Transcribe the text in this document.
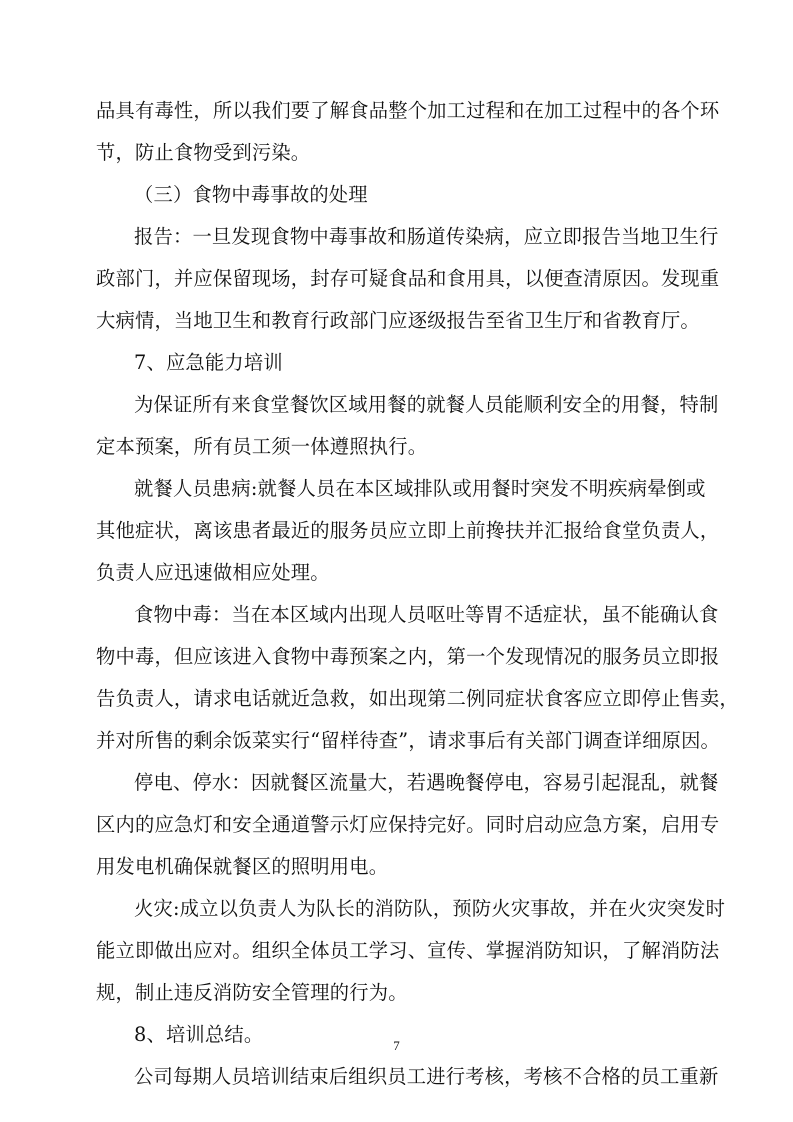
品具有毒性，所以我们要了解食品整个加工过程和在加工过程中的各个环
节，防止食物受到污染。
（三）食物中毒事故的处理
报告：一旦发现食物中毒事故和肠道传染病，应立即报告当地卫生行
政部门，并应保留现场，封存可疑食品和食用具，以便查清原因。发现重
大病情，当地卫生和教育行政部门应逐级报告至省卫生厅和省教育厅。
7、应急能力培训
为保证所有来食堂餐饮区域用餐的就餐人员能顺利安全的用餐，特制
定本预案，所有员工须一体遵照执行。
就餐人员患病:就餐人员在本区域排队或用餐时突发不明疾病晕倒或
其他症状，离该患者最近的服务员应立即上前搀扶并汇报给食堂负责人，
负责人应迅速做相应处理。
食物中毒：当在本区域内出现人员呕吐等胃不适症状，虽不能确认食
物中毒，但应该进入食物中毒预案之内，第一个发现情况的服务员立即报
告负责人，请求电话就近急救，如出现第二例同症状食客应立即停止售卖，
并对所售的剩余饭菜实行“留样待查”，请求事后有关部门调查详细原因。
停电、停水：因就餐区流量大，若遇晚餐停电，容易引起混乱，就餐
区内的应急灯和安全通道警示灯应保持完好。同时启动应急方案，启用专
用发电机确保就餐区的照明用电。
火灾:成立以负责人为队长的消防队，预防火灾事故，并在火灾突发时
能立即做出应对。组织全体员工学习、宣传、掌握消防知识，了解消防法
规，制止违反消防安全管理的行为。
8、培训总结。
公司每期人员培训结束后组织员工进行考核，考核不合格的员工重新
7
